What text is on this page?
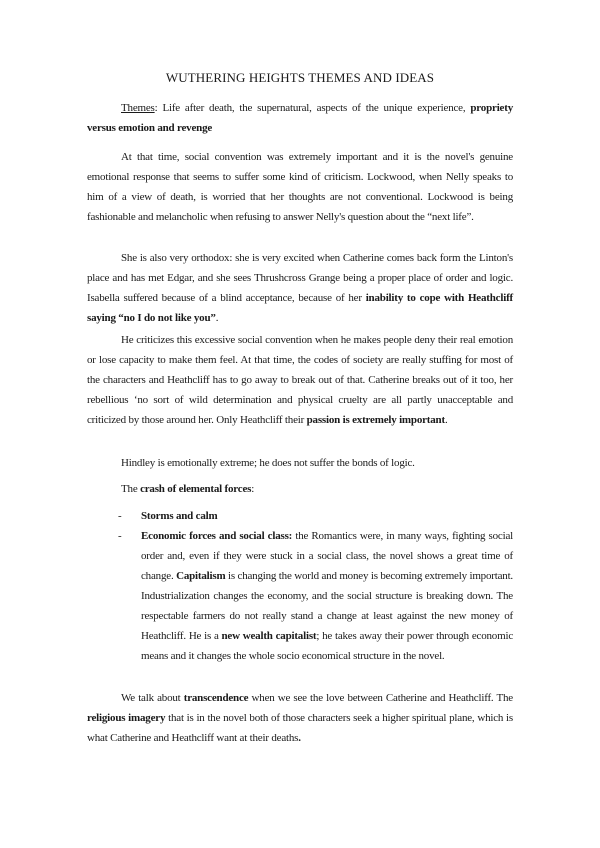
WUTHERING HEIGHTS THEMES AND IDEAS

Themes: Life after death, the supernatural, aspects of the unique experience, propriety versus emotion and revenge

At that time, social convention was extremely important and it is the novel's genuine emotional response that seems to suffer some kind of criticism. Lockwood, when Nelly speaks to him of a view of death, is worried that her thoughts are not conventional. Lockwood is being fashionable and melancholic when refusing to answer Nelly's question about the “next life”.

She is also very orthodox: she is very excited when Catherine comes back form the Linton's place and has met Edgar, and she sees Thrushcross Grange being a proper place of order and logic. Isabella suffered because of a blind acceptance, because of her inability to cope with Heathcliff saying “no I do not like you”.

He criticizes this excessive social convention when he makes people deny their real emotion or lose capacity to make them feel. At that time, the codes of society are really stuffing for most of the characters and Heathcliff has to go away to break out of that. Catherine breaks out of it too, her rebellious ‘no sort of wild determination and physical cruelty are all partly unacceptable and criticized by those around her. Only Heathcliff their passion is extremely important.

Hindley is emotionally extreme; he does not suffer the bonds of logic.

The crash of elemental forces:

- Storms and calm
- Economic forces and social class: the Romantics were, in many ways, fighting social order and, even if they were stuck in a social class, the novel shows a great time of change. Capitalism is changing the world and money is becoming extremely important. Industrialization changes the economy, and the social structure is breaking down. The respectable farmers do not really stand a change at least against the new money of Heathcliff. He is a new wealth capitalist; he takes away their power through economic means and it changes the whole socio economical structure in the novel.

We talk about transcendence when we see the love between Catherine and Heathcliff. The religious imagery that is in the novel both of those characters seek a higher spiritual plane, which is what Catherine and Heathcliff want at their deaths.
